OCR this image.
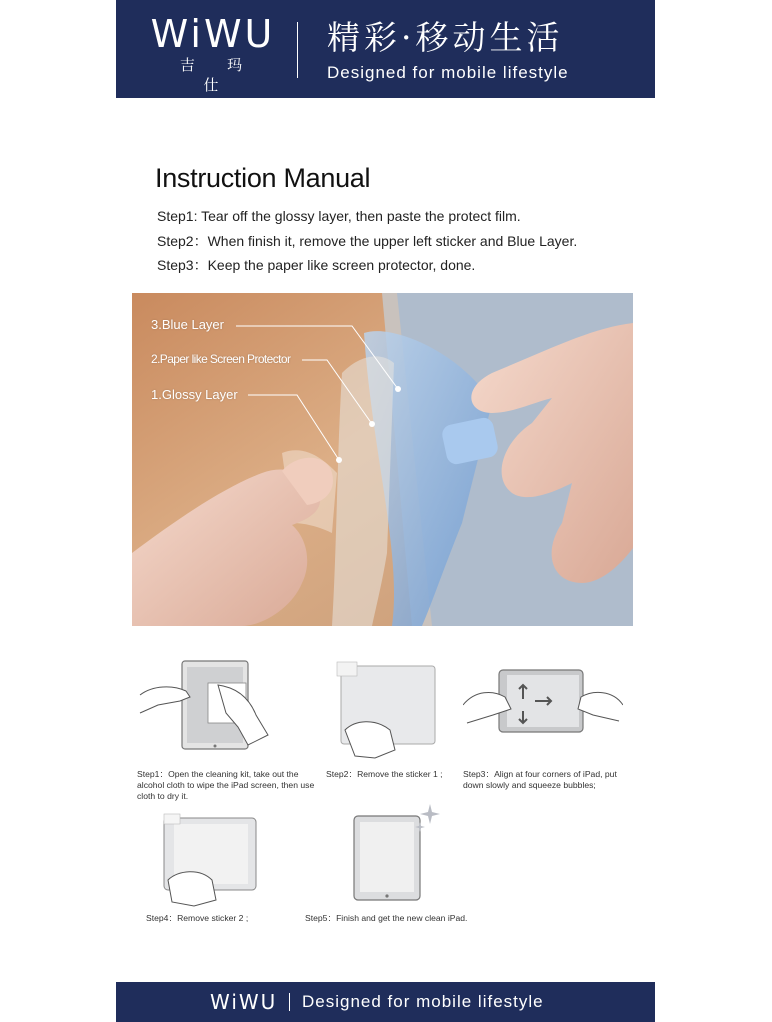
WiWU
吉 玛 仕
精彩·移动生活
Designed for mobile lifestyle
Instruction Manual
Step1: Tear off the glossy layer, then paste the protect film.
Step2：When finish it, remove the upper left sticker and Blue Layer.
Step3：Keep the paper like screen protector, done.
3.Blue Layer
2.Paper like Screen Protector
1.Glossy Layer
Step1：Open the cleaning kit, take out the alcohol cloth to wipe the iPad screen, then use cloth to dry it.
Step2：Remove the sticker 1 ;	Step3：Align at four corners of iPad, put down slowly and squeeze bubbles;
Step4：Remove sticker 2 ;	Step5：Finish and get the new clean iPad.
WiWU Designed for mobile lifestyle
